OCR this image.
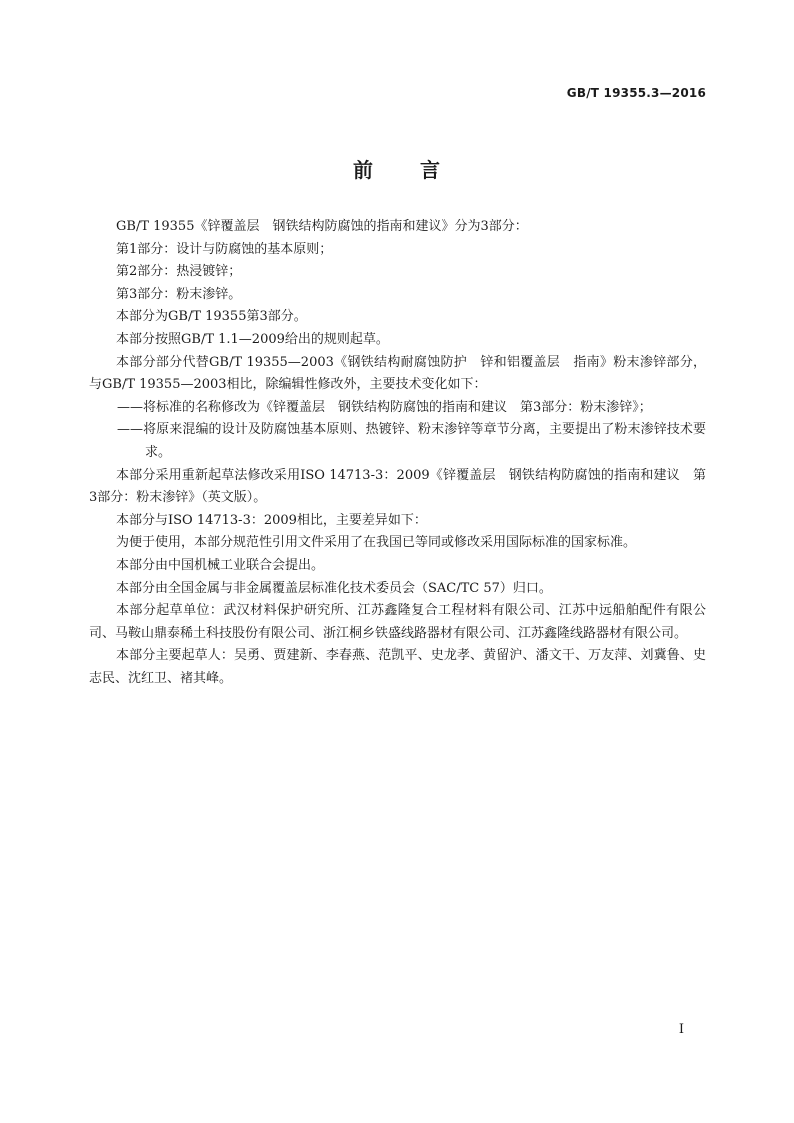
GB/T 19355.3—2016
前 言

GB/T 19355《锌覆盖层　钢铁结构防腐蚀的指南和建议》分为3部分：

第1部分：设计与防腐蚀的基本原则；

第2部分：热浸镀锌；

第3部分：粉末渗锌。

本部分为GB/T 19355第3部分。

本部分按照GB/T 1.1—2009给出的规则起草。

本部分部分代替GB/T 19355—2003《钢铁结构耐腐蚀防护　锌和铝覆盖层　指南》粉末渗锌部分，与GB/T 19355—2003相比，除编辑性修改外，主要技术变化如下：

——将标准的名称修改为《锌覆盖层　钢铁结构防腐蚀的指南和建议　第3部分：粉末渗锌》；

——将原来混编的设计及防腐蚀基本原则、热镀锌、粉末渗锌等章节分离，主要提出了粉末渗锌技术要求。

本部分采用重新起草法修改采用ISO 14713-3：2009《锌覆盖层　钢铁结构防腐蚀的指南和建议　第3部分：粉末渗锌》（英文版）。

本部分与ISO 14713-3：2009相比，主要差异如下：

为便于使用，本部分规范性引用文件采用了在我国已等同或修改采用国际标准的国家标准。

本部分由中国机械工业联合会提出。

本部分由全国金属与非金属覆盖层标准化技术委员会（SAC/TC 57）归口。

本部分起草单位：武汉材料保护研究所、江苏鑫隆复合工程材料有限公司、江苏中远船舶配件有限公司、马鞍山鼎泰稀土科技股份有限公司、浙江桐乡铁盛线路器材有限公司、江苏鑫隆线路器材有限公司。

本部分主要起草人：吴勇、贾建新、李春燕、范凯平、史龙孝、黄留沪、潘文干、万友萍、刘冀鲁、史志民、沈红卫、褚其峰。

I
